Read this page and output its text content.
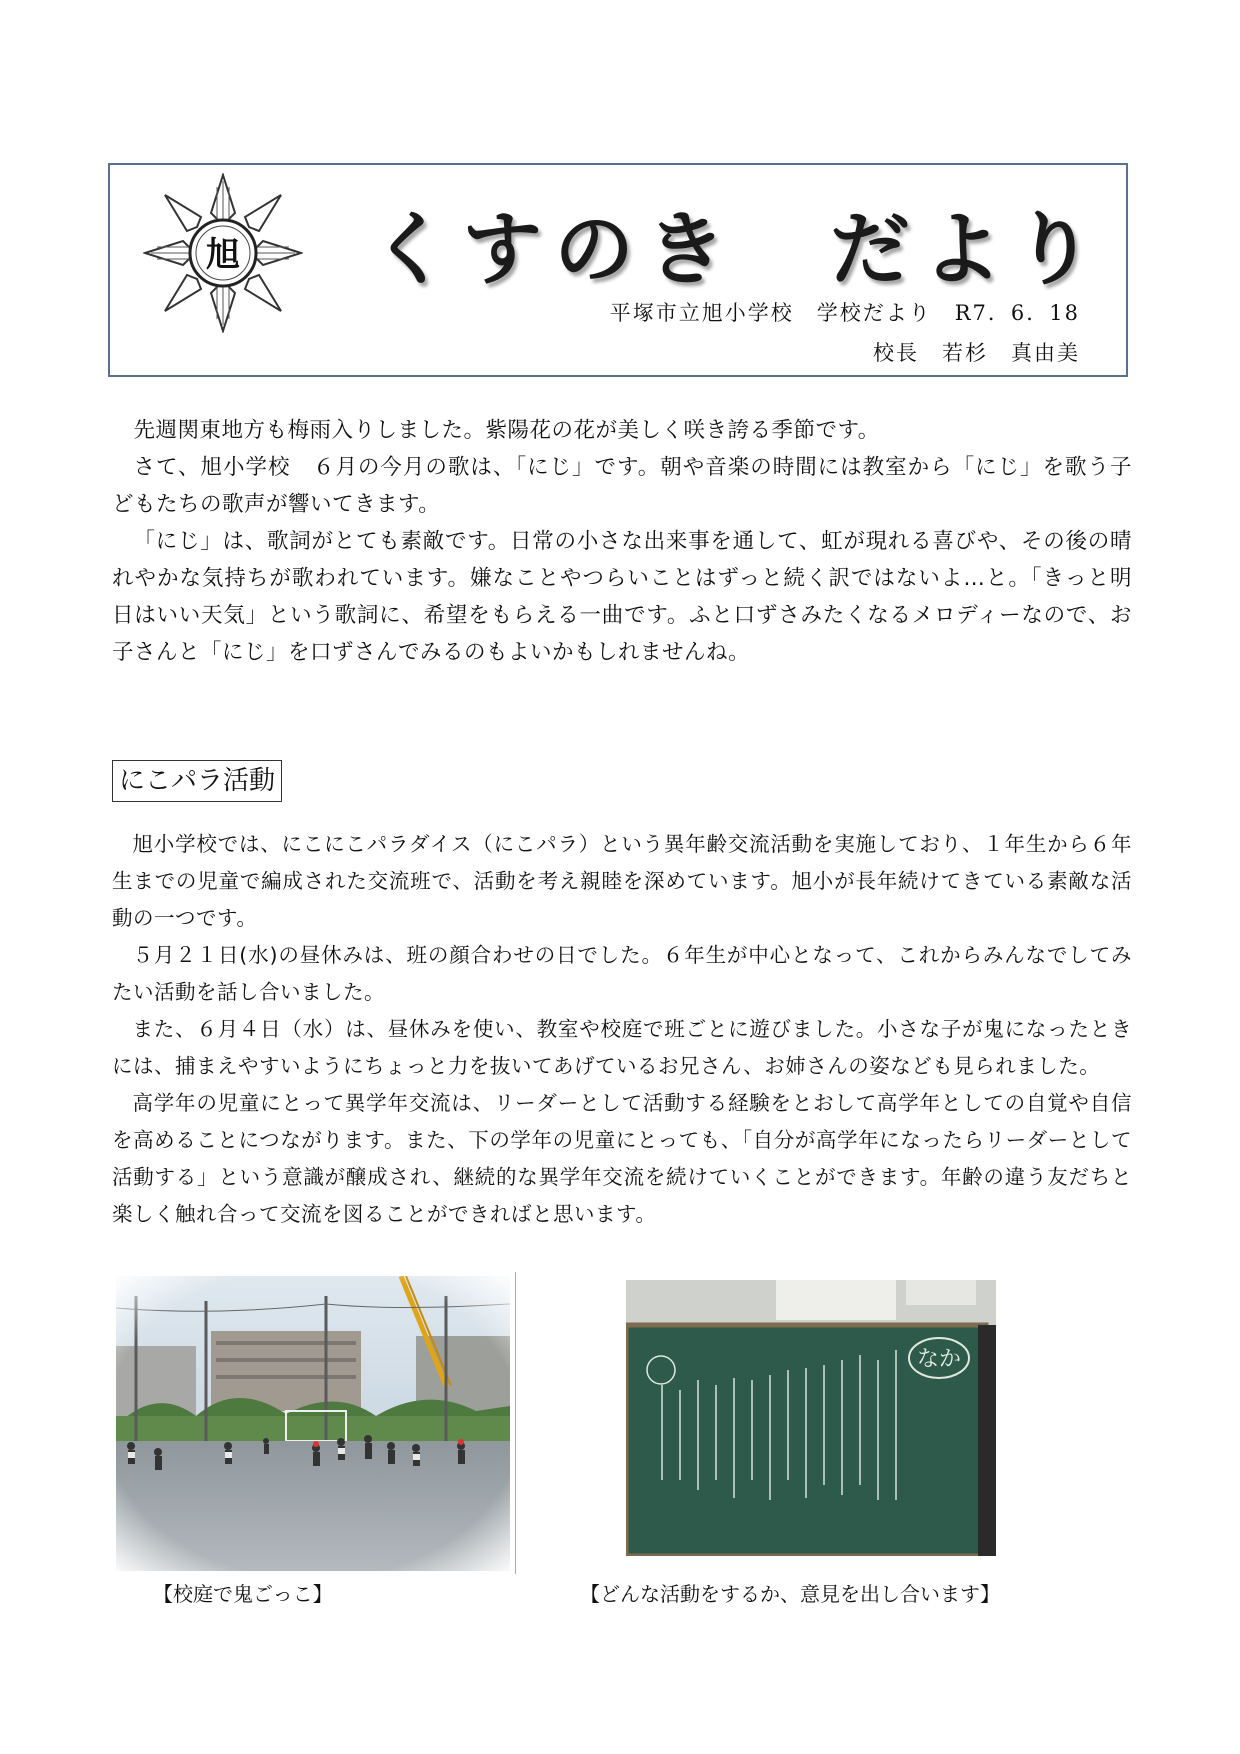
旭 くすのき　だより
平塚市立旭小学校　学校だより　R7．6．18
校長　若杉　真由美

先週関東地方も梅雨入りしました。紫陽花の花が美しく咲き誇る季節です。

さて、旭小学校　６月の今月の歌は、「にじ」です。朝や音楽の時間には教室から「にじ」を歌う子どもたちの歌声が響いてきます。

「にじ」は、歌詞がとても素敵です。日常の小さな出来事を通して、虹が現れる喜びや、その後の晴れやかな気持ちが歌われています。嫌なことやつらいことはずっと続く訳ではないよ…と。「きっと明日はいい天気」という歌詞に、希望をもらえる一曲です。ふと口ずさみたくなるメロディーなので、お子さんと「にじ」を口ずさんでみるのもよいかもしれませんね。

にこパラ活動

旭小学校では、にこにこパラダイス（にこパラ）という異年齢交流活動を実施しており、１年生から６年生までの児童で編成された交流班で、活動を考え親睦を深めています。旭小が長年続けてきている素敵な活動の一つです。

５月２１日(水)の昼休みは、班の顔合わせの日でした。６年生が中心となって、これからみんなでしてみたい活動を話し合いました。

また、６月４日（水）は、昼休みを使い、教室や校庭で班ごとに遊びました。小さな子が鬼になったときには、捕まえやすいようにちょっと力を抜いてあげているお兄さん、お姉さんの姿なども見られました。

高学年の児童にとって異学年交流は、リーダーとして活動する経験をとおして高学年としての自覚や自信を高めることにつながります。また、下の学年の児童にとっても、「自分が高学年になったらリーダーとして活動する」という意識が醸成され、継続的な異学年交流を続けていくことができます。年齢の違う友だちと楽しく触れ合って交流を図ることができればと思います。

なか
【校庭で鬼ごっこ】	【どんな活動をするか、意見を出し合います】
